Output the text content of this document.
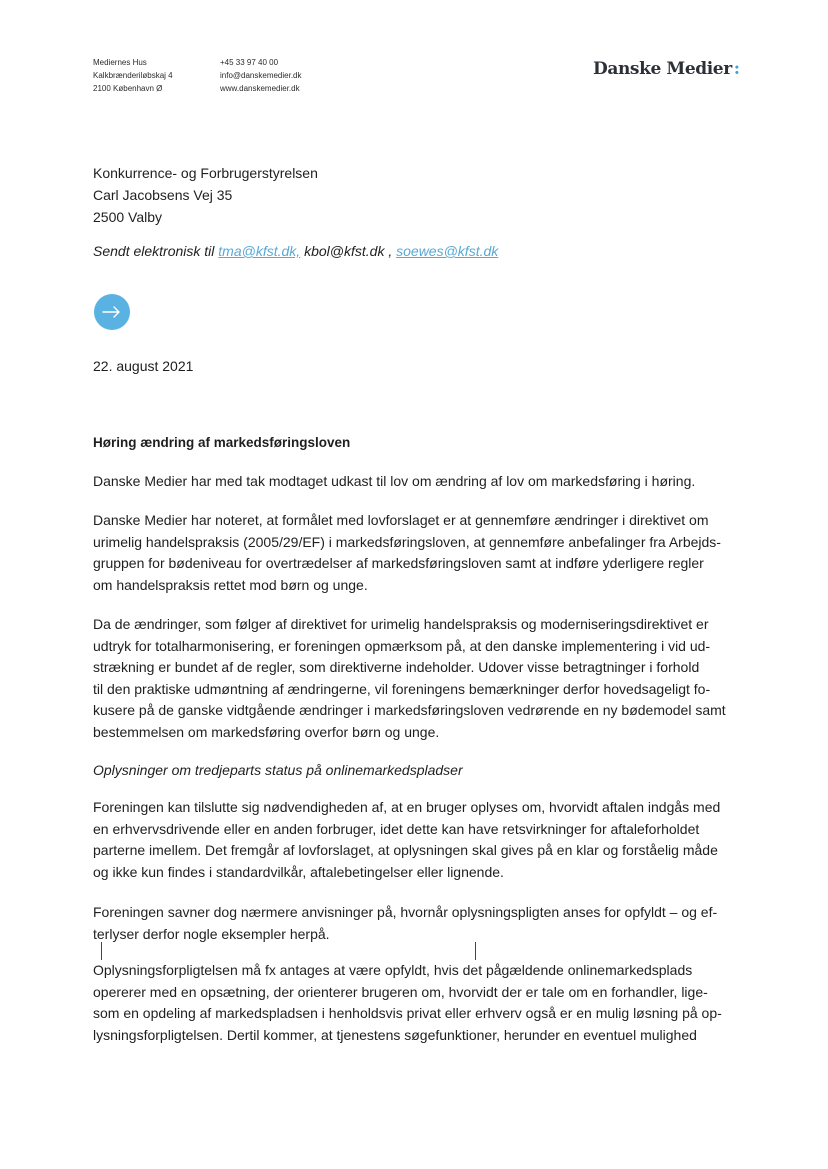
Mediernes Hus
Kalkbrænderiløbskaj 4
2100 København Ø
+45 33 97 40 00
info@danskemedier.dk
www.danskemedier.dk
Danske Medier :
Konkurrence- og Forbrugerstyrelsen
Carl Jacobsens Vej 35
2500 Valby
Sendt elektronisk til tma@kfst.dk, kbol@kfst.dk , soewes@kfst.dk
22. august 2021
Høring ændring af markedsføringsloven
Danske Medier har med tak modtaget udkast til lov om ændring af lov om markedsføring i høring.
Danske Medier har noteret, at formålet med lovforslaget er at gennemføre ændringer i direktivet om
urimelig handelspraksis (2005/29/EF) i markedsføringsloven, at gennemføre anbefalinger fra Arbejds-
gruppen for bødeniveau for overtrædelser af markedsføringsloven samt at indføre yderligere regler
om handelspraksis rettet mod børn og unge.
Da de ændringer, som følger af direktivet for urimelig handelspraksis og moderniseringsdirektivet er
udtryk for totalharmonisering, er foreningen opmærksom på, at den danske implementering i vid ud-
strækning er bundet af de regler, som direktiverne indeholder. Udover visse betragtninger i forhold
til den praktiske udmøntning af ændringerne, vil foreningens bemærkninger derfor hovedsageligt fo-
kusere på de ganske vidtgående ændringer i markedsføringsloven vedrørende en ny bødemodel samt
bestemmelsen om markedsføring overfor børn og unge.
Oplysninger om tredjeparts status på onlinemarkedspladser
Foreningen kan tilslutte sig nødvendigheden af, at en bruger oplyses om, hvorvidt aftalen indgås med
en erhvervsdrivende eller en anden forbruger, idet dette kan have retsvirkninger for aftaleforholdet
parterne imellem. Det fremgår af lovforslaget, at oplysningen skal gives på en klar og forståelig måde
og ikke kun findes i standardvilkår, aftalebetingelser eller lignende.
Foreningen savner dog nærmere anvisninger på, hvornår oplysningspligten anses for opfyldt – og ef-
terlyser derfor nogle eksempler herpå.
Oplysningsforpligtelsen må fx antages at være opfyldt, hvis det pågældende onlinemarkedsplads
opererer med en opsætning, der orienterer brugeren om, hvorvidt der er tale om en forhandler, lige-
som en opdeling af markedspladsen i henholdsvis privat eller erhverv også er en mulig løsning på op-
lysningsforpligtelsen. Dertil kommer, at tjenestens søgefunktioner, herunder en eventuel mulighed
